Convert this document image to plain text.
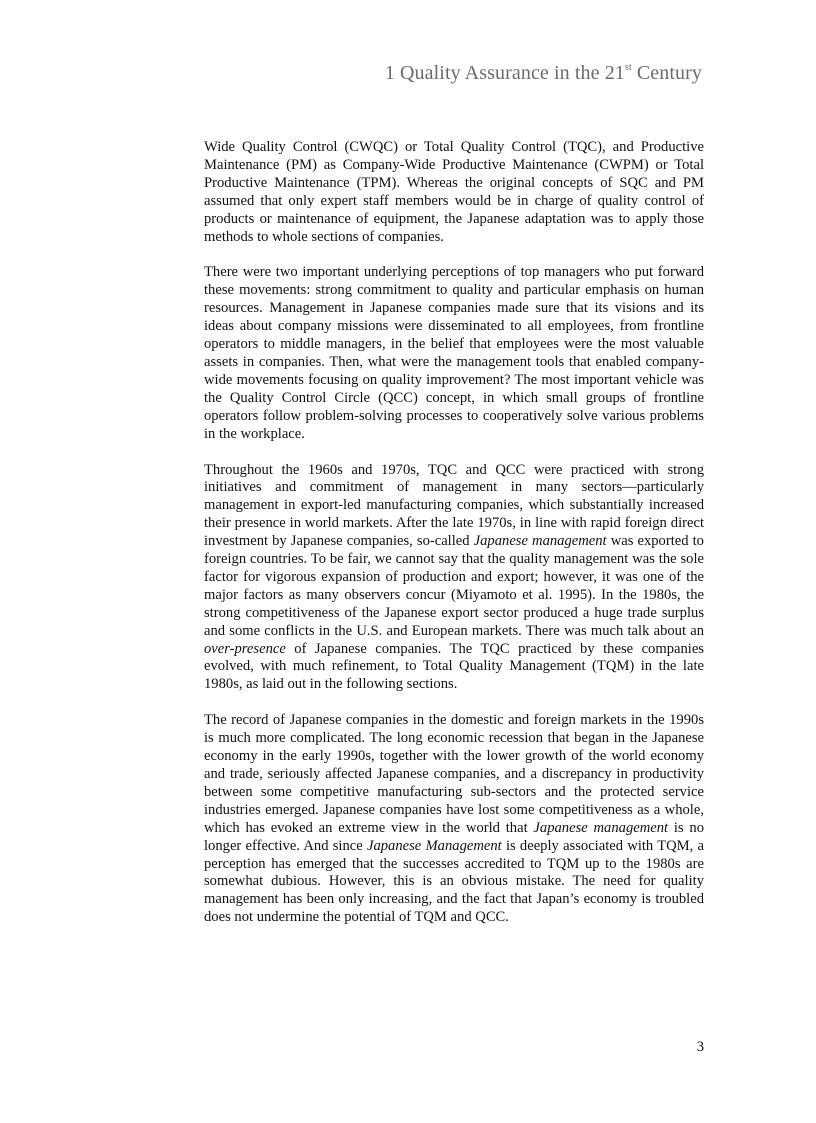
1 Quality Assurance in the 21st Century

Wide Quality Control (CWQC) or Total Quality Control (TQC), and Productive Maintenance (PM) as Company-Wide Productive Maintenance (CWPM) or Total Productive Maintenance (TPM). Whereas the original concepts of SQC and PM assumed that only expert staff members would be in charge of quality control of products or maintenance of equipment, the Japanese adaptation was to apply those methods to whole sections of companies.

There were two important underlying perceptions of top managers who put forward these movements: strong commitment to quality and particular emphasis on human resources. Management in Japanese companies made sure that its visions and its ideas about company missions were disseminated to all employees, from frontline operators to middle managers, in the belief that employees were the most valuable assets in companies. Then, what were the management tools that enabled company-wide movements focusing on quality improvement? The most important vehicle was the Quality Control Circle (QCC) concept, in which small groups of frontline operators follow problem-solving processes to cooperatively solve various problems in the workplace.

Throughout the 1960s and 1970s, TQC and QCC were practiced with strong initiatives and commitment of management in many sectors—particularly management in export-led manufacturing companies, which substantially increased their presence in world markets. After the late 1970s, in line with rapid foreign direct investment by Japanese companies, so-called Japanese management was exported to foreign countries. To be fair, we cannot say that the quality management was the sole factor for vigorous expansion of production and export; however, it was one of the major factors as many observers concur (Miyamoto et al. 1995). In the 1980s, the strong competitiveness of the Japanese export sector produced a huge trade surplus and some conflicts in the U.S. and European markets. There was much talk about an over-presence of Japanese companies. The TQC practiced by these companies evolved, with much refinement, to Total Quality Management (TQM) in the late 1980s, as laid out in the following sections.

The record of Japanese companies in the domestic and foreign markets in the 1990s is much more complicated. The long economic recession that began in the Japanese economy in the early 1990s, together with the lower growth of the world economy and trade, seriously affected Japanese companies, and a discrepancy in productivity between some competitive manufacturing sub-sectors and the protected service industries emerged. Japanese companies have lost some competitiveness as a whole, which has evoked an extreme view in the world that Japanese management is no longer effective. And since Japanese Management is deeply associated with TQM, a perception has emerged that the successes accredited to TQM up to the 1980s are somewhat dubious. However, this is an obvious mistake. The need for quality management has been only increasing, and the fact that Japan’s economy is troubled does not undermine the potential of TQM and QCC.

3
